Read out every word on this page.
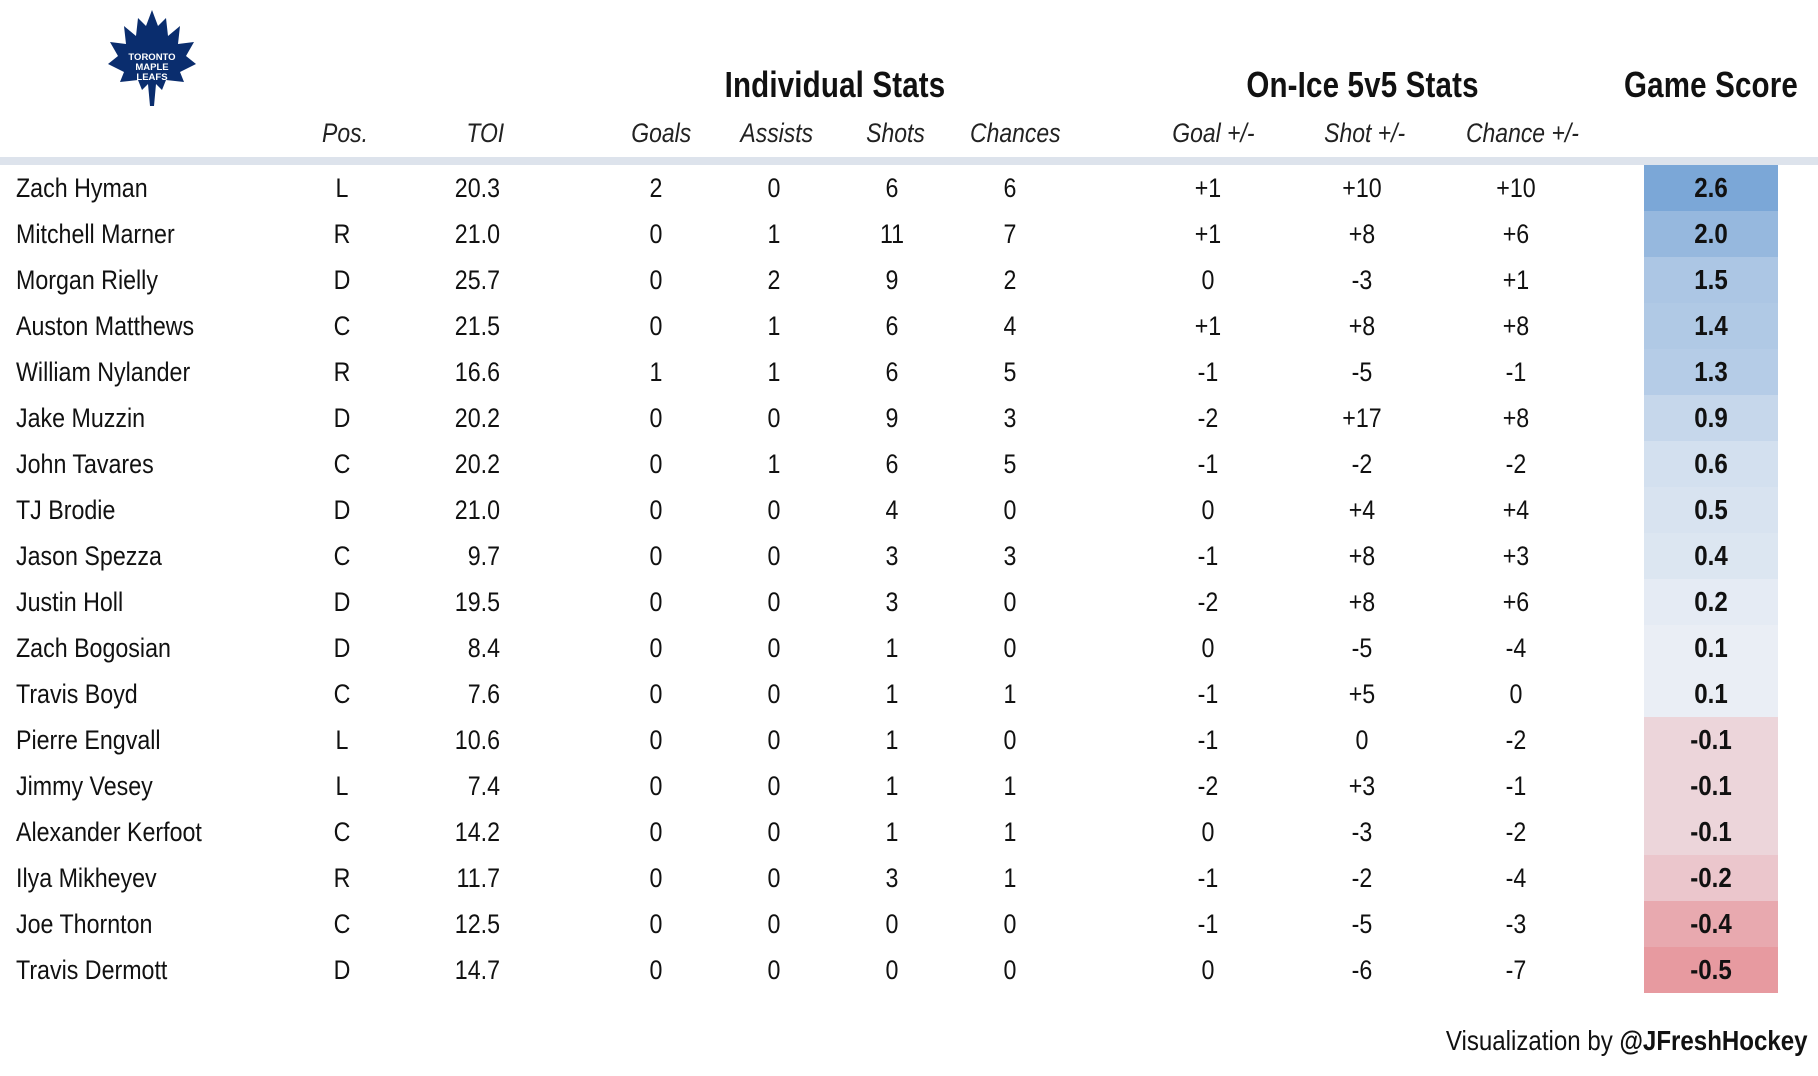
TORONTO
MAPLE
LEAFS	Individual Stats	On-Ice 5v5 Stats	Game Score
Pos.	TOI	Goals Assists Shots Chances	Goal +/-	Shot +/- Chance +/-
Zach Hyman	L	20.3	2	0	6	6	+1	+10	+10	2.6
Mitchell Marner	R	21.0	0	1	11	7	+1	+8	+6	2.0
Morgan Rielly	D	25.7	0	2	9	2	0	-3	+1	1.5
Auston Matthews	C	21.5	0	1	6	4	+1	+8	+8	1.4
William Nylander	R	16.6	1	1	6	5	-1	-5	-1	1.3
Jake Muzzin	D	20.2	0	0	9	3	-2	+17	+8	0.9
John Tavares	C	20.2	0	1	6	5	-1	-2	-2	0.6
TJ Brodie	D	21.0	0	0	4	0	0	+4	+4	0.5
Jason Spezza	C	9.7	0	0	3	3	-1	+8	+3	0.4
Justin Holl	D	19.5	0	0	3	0	-2	+8	+6	0.2
Zach Bogosian	D	8.4	0	0	1	0	0	-5	-4	0.1
Travis Boyd	C	7.6	0	0	1	1	-1	+5	0	0.1
Pierre Engvall	L	10.6	0	0	1	0	-1	0	-2	-0.1
Jimmy Vesey	L	7.4	0	0	1	1	-2	+3	-1	-0.1
Alexander Kerfoot	C	14.2	0	0	1	1	0	-3	-2	-0.1
Ilya Mikheyev	R	11.7	0	0	3	1	-1	-2	-4	-0.2
Joe Thornton	C	12.5	0	0	0	0	-1	-5	-3	-0.4
Travis Dermott	D	14.7	0	0	0	0	0	-6	-7	-0.5
Visualization by @JFreshHockey
